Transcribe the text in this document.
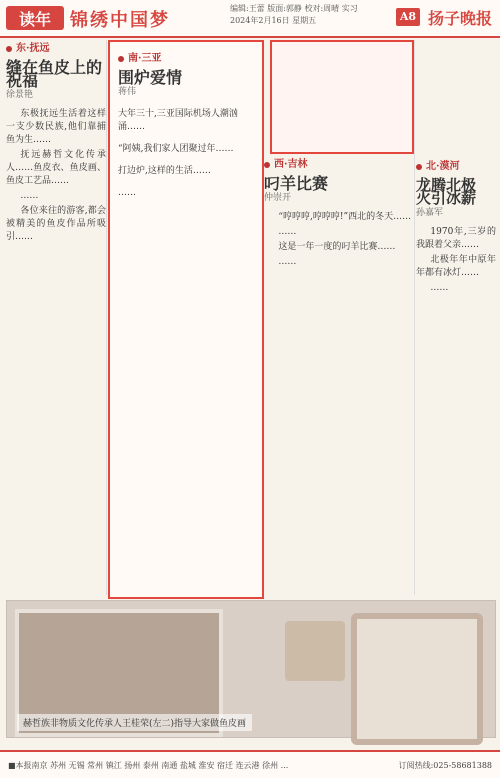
读年	锦绣中国梦
编辑:王蕾 版面:郭静 校对:周晴 实习
2024年2月16日 星期五	A8 扬子晚报
东·抚远
缝在鱼皮上的祝福
徐景艳

东极抚远生活着这样一支少数民族,他们靠捕鱼为生……

抚远赫哲文化传承人……鱼皮衣、鱼皮画、鱼皮工艺品……

……

各位来往的游客,都会被精美的鱼皮作品所吸引……

南·三亚
围炉爱情
蒋伟

大年三十,三亚国际机场人潮汹涌……

“阿姨,我们家人团聚过年……

打边炉,这样的生活……

……

西·吉林
叼羊比赛
仲崇开

“哼哼哼,哼哼哼!”西北的冬天……

……

这是一年一度的叼羊比赛……

……

北·漠河
龙腾北极 火引冰薪
孙嘉军

1970年,三岁的我跟着父亲……

北极年年中原年年都有冰灯……

……

赫哲族非物质文化传承人王桂荣(左二)指导大家做鱼皮画
■本报南京 苏州 无锡 常州 镇江 扬州 泰州 南通 盐城 淮安 宿迁 连云港 徐州 ...	订阅热线:025-58681388
